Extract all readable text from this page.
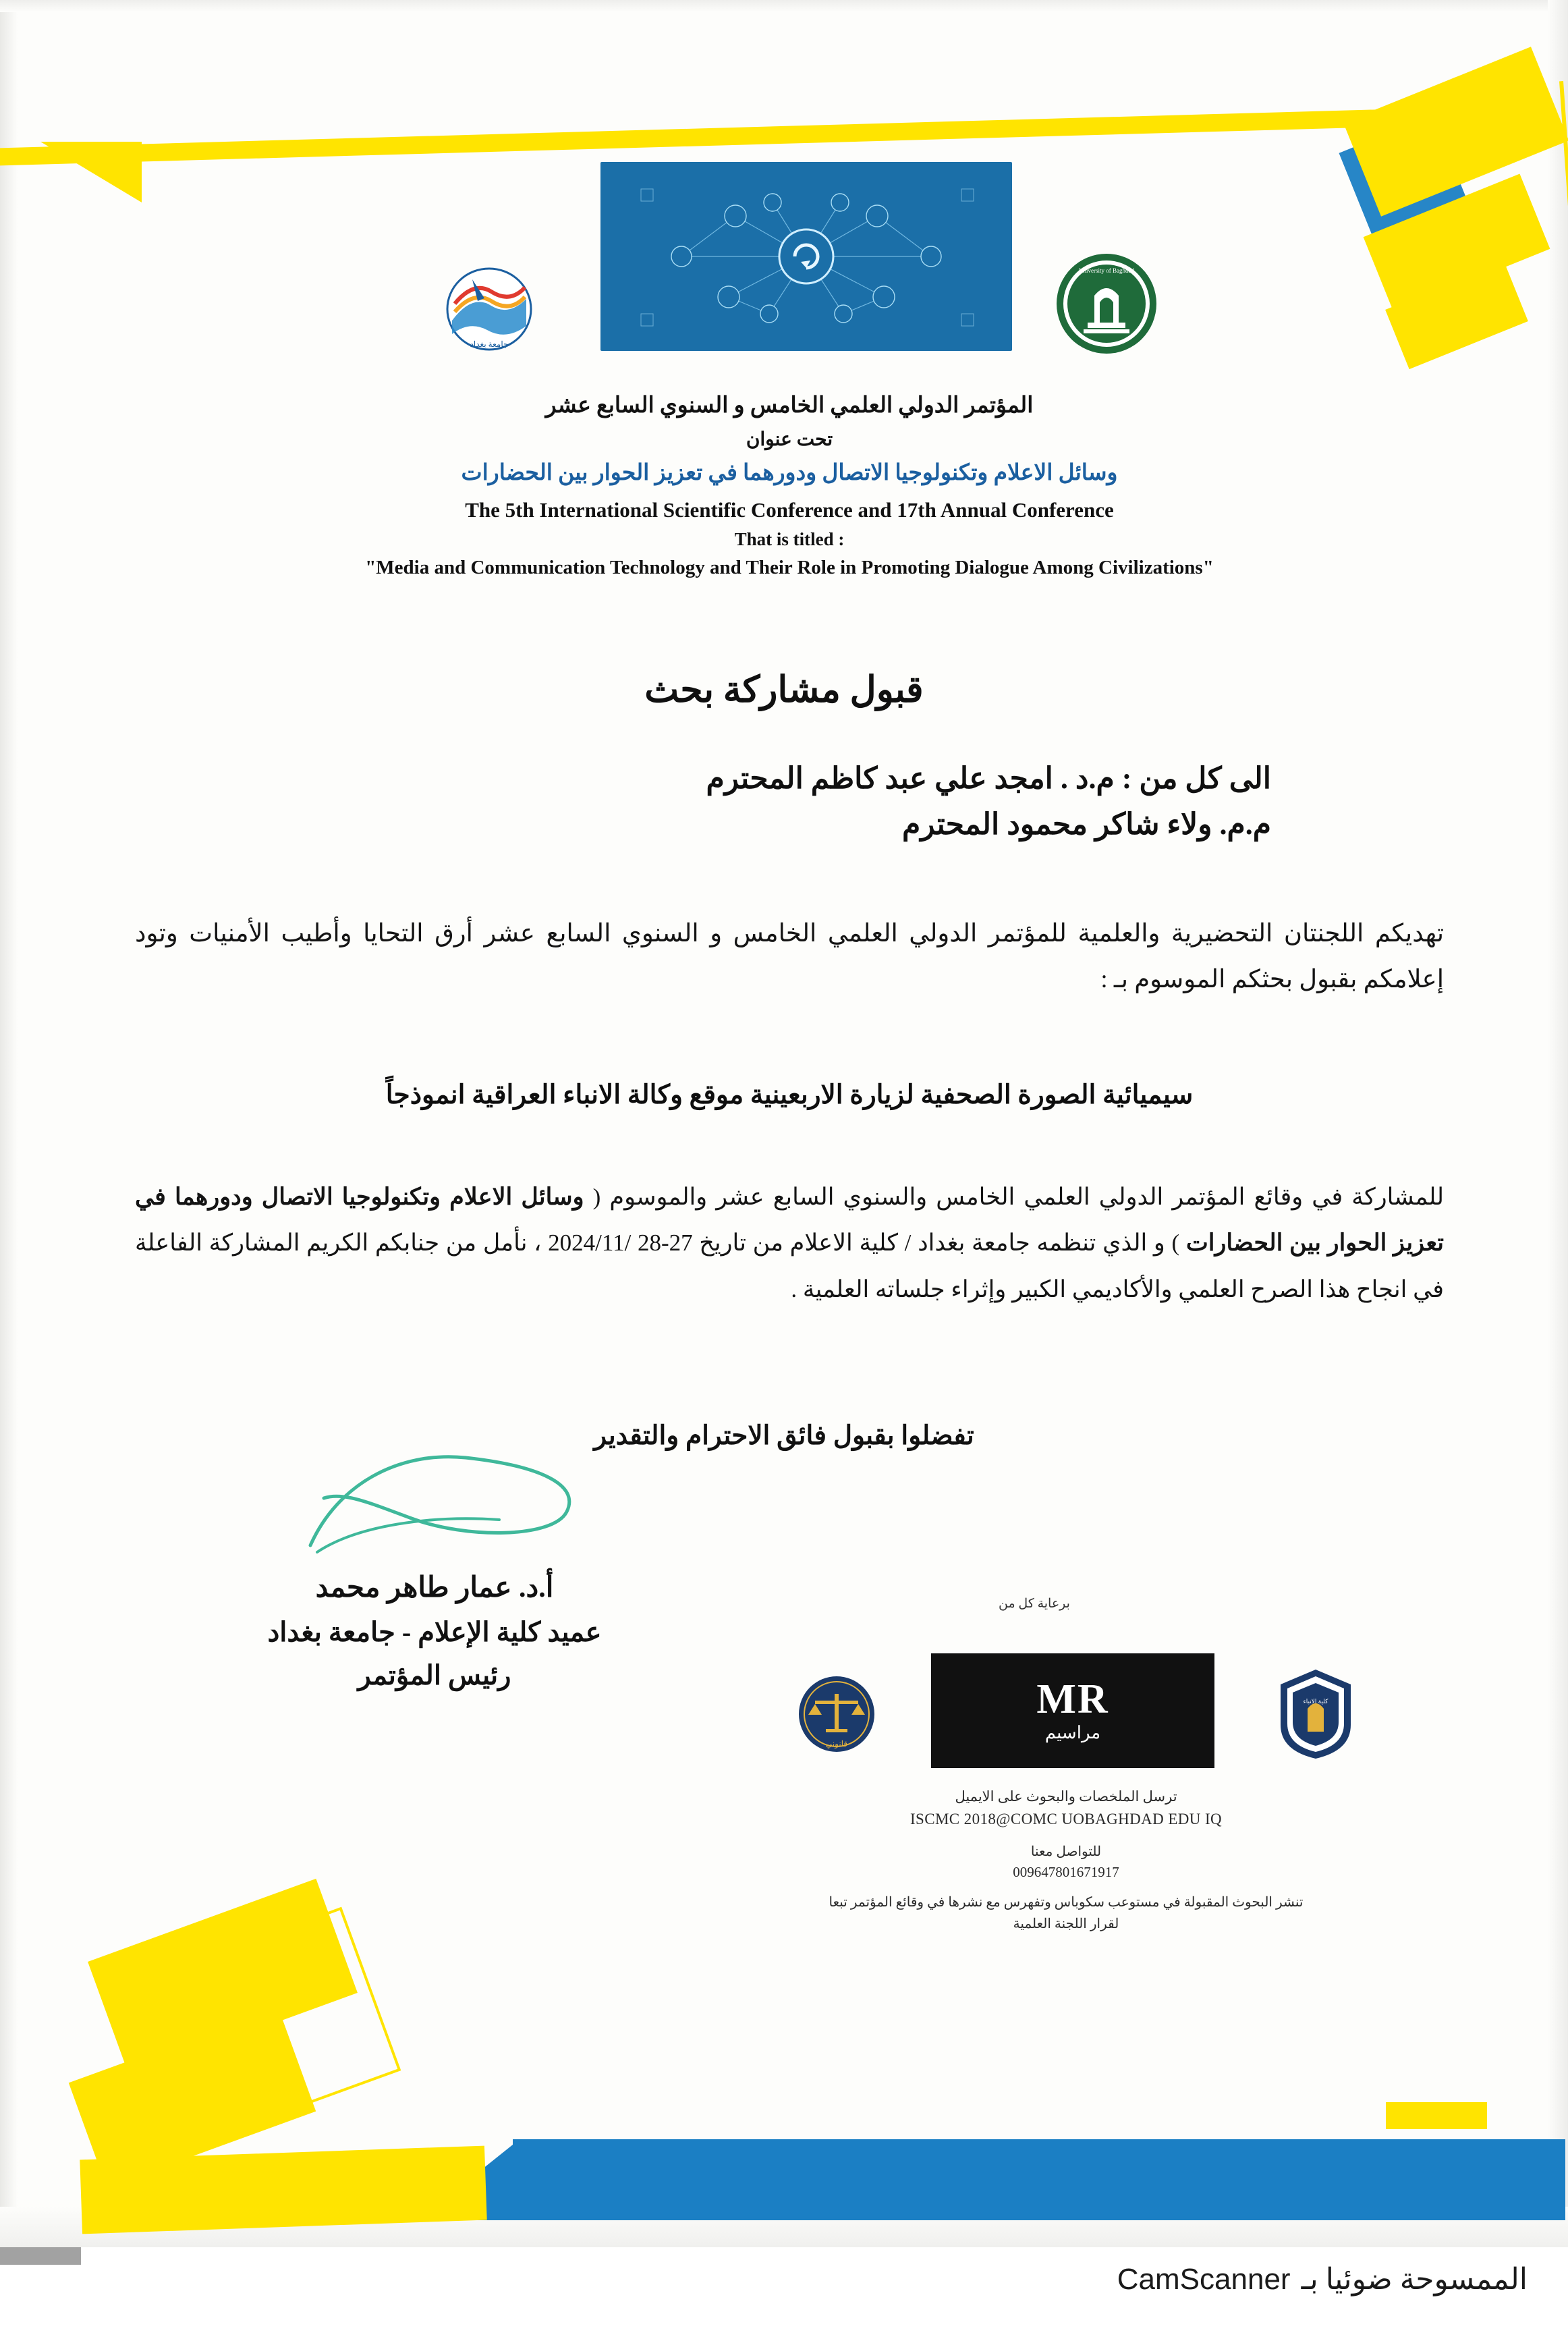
جامعة بغداد
University of Baghdad
المؤتمر الدولي العلمي الخامس و السنوي السابع عشر
تحت عنوان
وسائل الاعلام وتكنولوجيا الاتصال ودورهما في تعزيز الحوار بين الحضارات
The 5th International Scientific Conference and 17th Annual Conference
That is titled :
"Media and Communication Technology and Their Role in Promoting Dialogue Among Civilizations"
قبول مشاركة بحث
الى كل من : م.د . امجد علي عبد كاظم المحترم
م.م. ولاء شاكر محمود المحترم
تهديكم اللجنتان التحضيرية والعلمية للمؤتمر الدولي العلمي الخامس و السنوي السابع عشر أرق التحايا وأطيب الأمنيات وتود إعلامكم بقبول بحثكم الموسوم بـ :
سيميائية الصورة الصحفية لزيارة الاربعينية موقع وكالة الانباء العراقية انموذجاً
للمشاركة في وقائع المؤتمر الدولي العلمي الخامس والسنوي السابع عشر والموسوم ( وسائل الاعلام وتكنولوجيا الاتصال ودورهما في تعزيز الحوار بين الحضارات ) و الذي تنظمه جامعة بغداد / كلية الاعلام من تاريخ 27-28 /2024/11 ، نأمل من جنابكم الكريم المشاركة الفاعلة في انجاح هذا الصرح العلمي والأكاديمي الكبير وإثراء جلساته العلمية .
تفضلوا بقبول فائق الاحترام والتقدير
أ.د. عمار طاهر محمد
عميد كلية الإعلام - جامعة بغداد
رئيس المؤتمر
برعاية كل من
قانوني
MR
مراسيم
كلية الانباء
ترسل الملخصات والبحوث على الايميل
ISCMC 2018@COMC UOBAGHDAD EDU IQ
للتواصل معنا
009647801671917
تنشر البحوث المقبولة في مستوعب سكوباس وتفهرس مع نشرها في وقائع المؤتمر تبعا
لقرار اللجنة العلمية
الممسوحة ضوئيا بـ
CamScanner
